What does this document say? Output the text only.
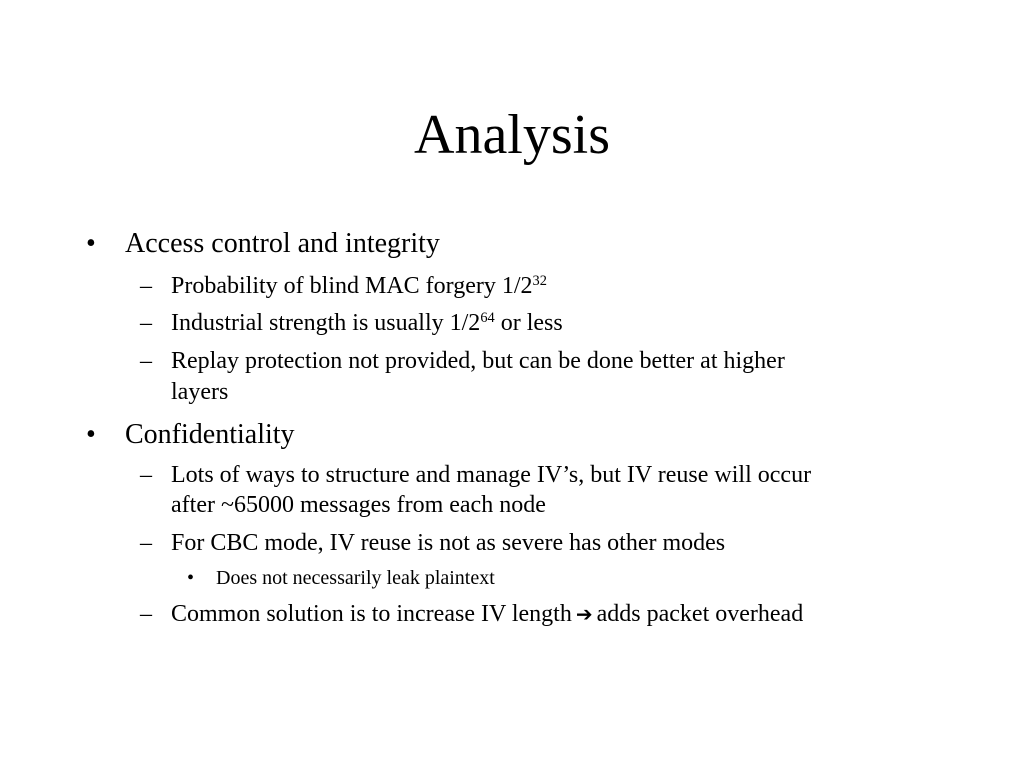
Analysis
• Access control and integrity
– Probability of blind MAC forgery $1/2^{32}$
– Industrial strength is usually $1/2^{64}$ or less
– Replay protection not provided, but can be done better at higher
layers
• Confidentiality
– Lots of ways to structure and manage IV’s, but IV reuse will occur
after ~65000 messages from each node
– For CBC mode, IV reuse is not as severe has other modes
• Does not necessarily leak plaintext
– Common solution is to increase IV length ➔ adds packet overhead
